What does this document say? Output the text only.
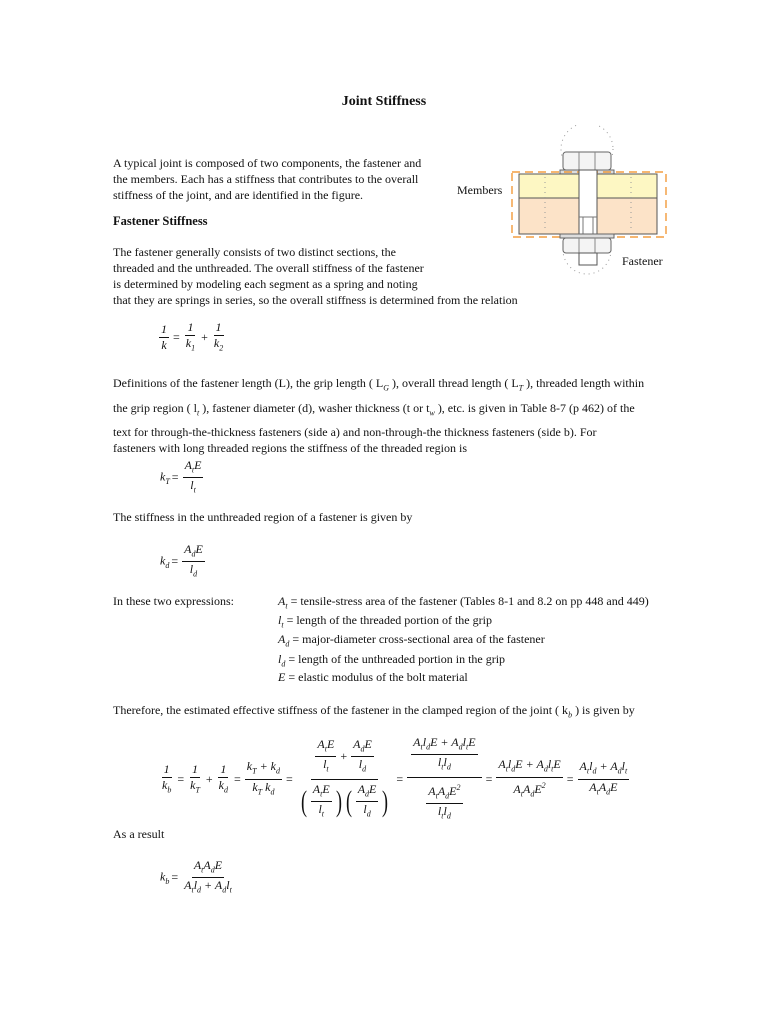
Joint Stiffness
A typical joint is composed of two components, the fastener and
the members. Each has a stiffness that contributes to the overall
stiffness of the joint, and are identified in the figure.	Members
Fastener
Fastener Stiffness
The fastener generally consists of two distinct sections, the
threaded and the unthreaded. The overall stiffness of the fastener
is determined by modeling each segment as a spring and noting
that they are springs in series, so the overall stiffness is determined from the relation
$\frac{1}{k} = \frac{1}{k_1} + \frac{1}{k_2}$
Definitions of the fastener length (L), the grip length ( $L_G$ ), overall thread length ( $L_T$ ), threaded length within
the grip region ( $l_t$ ), fastener diameter (d), washer thickness (t or $t_w$ ), etc. is given in Table 8-7 (p 462) of the
text for through-the-thickness fasteners (side a) and non-through-the thickness fasteners (side b). For
fasteners with long threaded regions the stiffness of the threaded region is
$k_T = \frac{A_tE}{l_t}$
The stiffness in the unthreaded region of a fastener is given by
$k_d = \frac{A_dE}{l_d}$
In these two expressions:	$A_t$ = tensile-stress area of the fastener (Tables 8-1 and 8.2 on pp 448 and 449)
$l_t$ = length of the threaded portion of the grip
$A_d$ = major-diameter cross-sectional area of the fastener
$l_d$ = length of the unthreaded portion in the grip
E = elastic modulus of the bolt material
Therefore, the estimated effective stiffness of the fastener in the clamped region of the joint ( $k_b$ ) is given by
$\frac{1}{k_b} = \frac{1}{k_T} + \frac{1}{k_d} = \frac{k_T + k_d}{k_T k_d} = \frac{\frac{A_tE}{l_t} + \frac{A_dE}{l_d}}{( \frac{A_tE}{l_t} ) ( \frac{A_dE}{l_d} )} = \frac{\frac{A_tl_dE + A_dl_tE}{l_tl_d}}{\frac{A_tA_dE^2}{l_tl_d}} = \frac{A_tl_dE + A_dl_tE}{A_tA_dE^2} = \frac{A_tl_d + A_dl_t}{A_tA_dE}$
As a result
$k_b = \frac{A_tA_dE}{A_tl_d + A_dl_t}$
